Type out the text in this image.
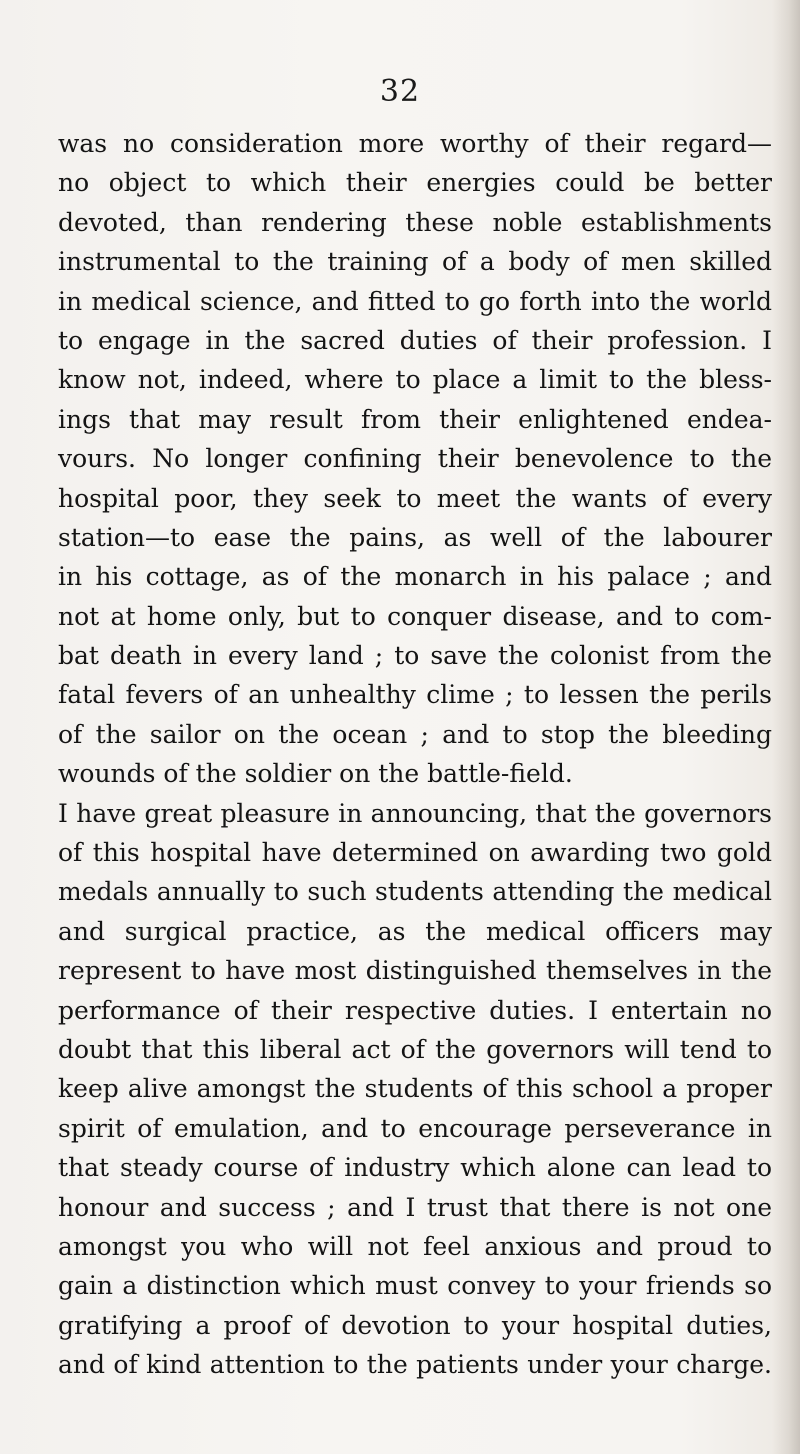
32
was no consideration more worthy of their regard—
no object to which their energies could be better
devoted, than rendering these noble establishments
instrumental to the training of a body of men skilled
in medical science, and fitted to go forth into the world
to engage in the sacred duties of their profession. I
know not, indeed, where to place a limit to the bless-
ings that may result from their enlightened endea-
vours. No longer confining their benevolence to the
hospital poor, they seek to meet the wants of every
station—to ease the pains, as well of the labourer
in his cottage, as of the monarch in his palace ; and
not at home only, but to conquer disease, and to com-
bat death in every land ; to save the colonist from the
fatal fevers of an unhealthy clime ; to lessen the perils
of the sailor on the ocean ; and to stop the bleeding
wounds of the soldier on the battle-field.
I have great pleasure in announcing, that the governors
of this hospital have determined on awarding two gold
medals annually to such students attending the medical
and surgical practice, as the medical officers may
represent to have most distinguished themselves in the
performance of their respective duties. I entertain no
doubt that this liberal act of the governors will tend to
keep alive amongst the students of this school a proper
spirit of emulation, and to encourage perseverance in
that steady course of industry which alone can lead to
honour and success ; and I trust that there is not one
amongst you who will not feel anxious and proud to
gain a distinction which must convey to your friends so
gratifying a proof of devotion to your hospital duties,
and of kind attention to the patients under your charge.
